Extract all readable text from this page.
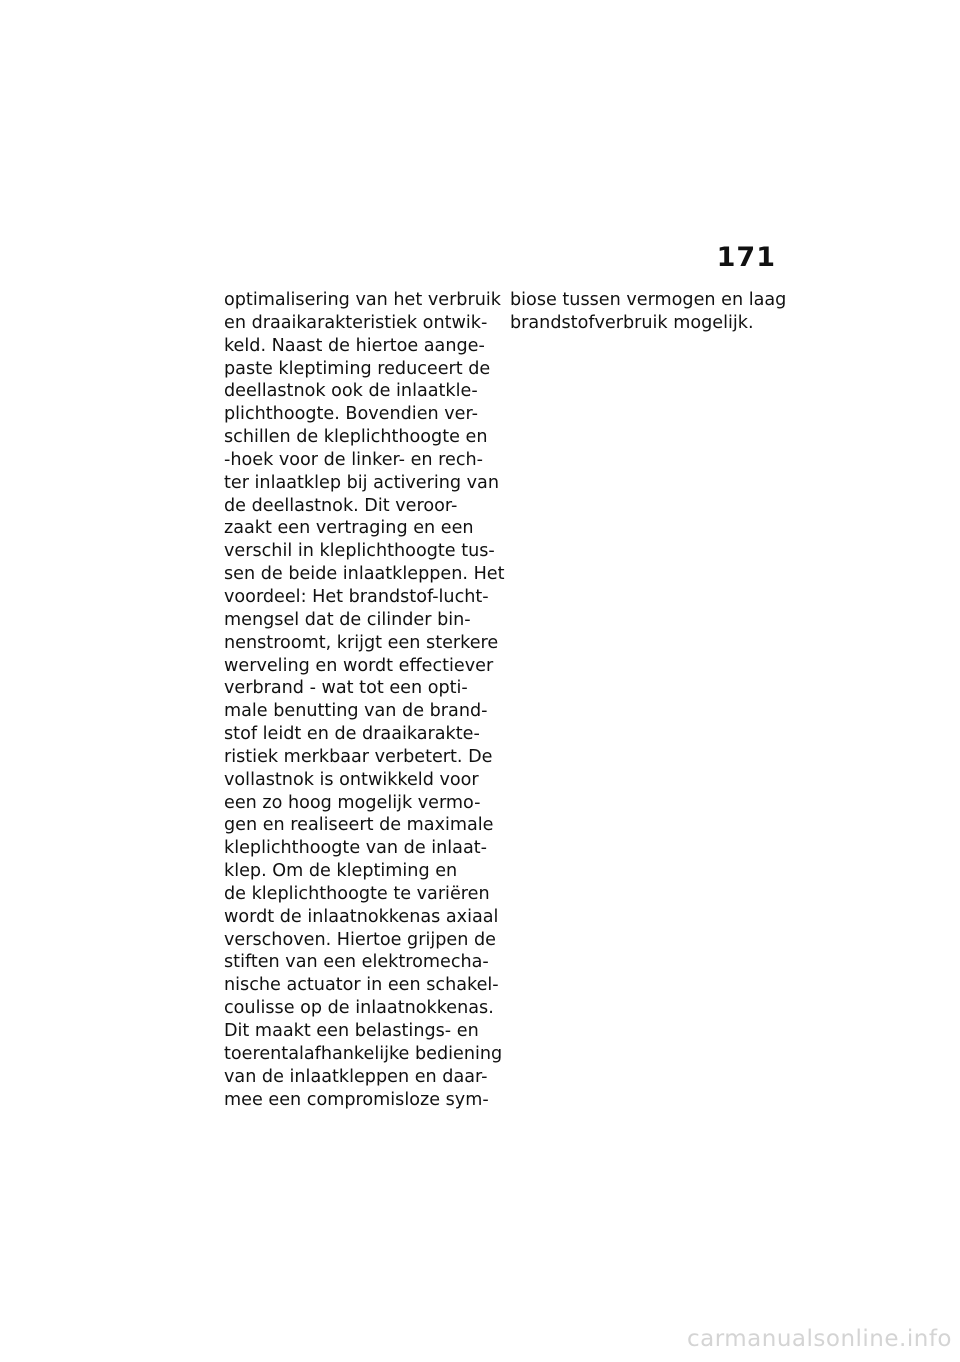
171
optimalisering van het verbruik
en draaikarakteristiek ontwik-
keld. Naast de hiertoe aange-
paste kleptiming reduceert de
deellastnok ook de inlaatkle-
plichthoogte. Bovendien ver-
schillen de kleplichthoogte en
-hoek voor de linker- en rech-
ter inlaatklep bij activering van
de deellastnok. Dit veroor-
zaakt een vertraging en een
verschil in kleplichthoogte tus-
sen de beide inlaatkleppen. Het
voordeel: Het brandstof-lucht-
mengsel dat de cilinder bin-
nenstroomt, krijgt een sterkere
werveling en wordt effectiever
verbrand - wat tot een opti-
male benutting van de brand-
stof leidt en de draaikarakte-
ristiek merkbaar verbetert. De
vollastnok is ontwikkeld voor
een zo hoog mogelijk vermo-
gen en realiseert de maximale
kleplichthoogte van de inlaat-
klep. Om de kleptiming en
de kleplichthoogte te variëren
wordt de inlaatnokkenas axiaal
verschoven. Hiertoe grijpen de
stiften van een elektromecha-
nische actuator in een schakel-
coulisse op de inlaatnokkenas.
Dit maakt een belastings- en
toerentalafhankelijke bediening
van de inlaatkleppen en daar-
mee een compromisloze sym-
biose tussen vermogen en laag
brandstofverbruik mogelijk.
carmanualsonline.info
